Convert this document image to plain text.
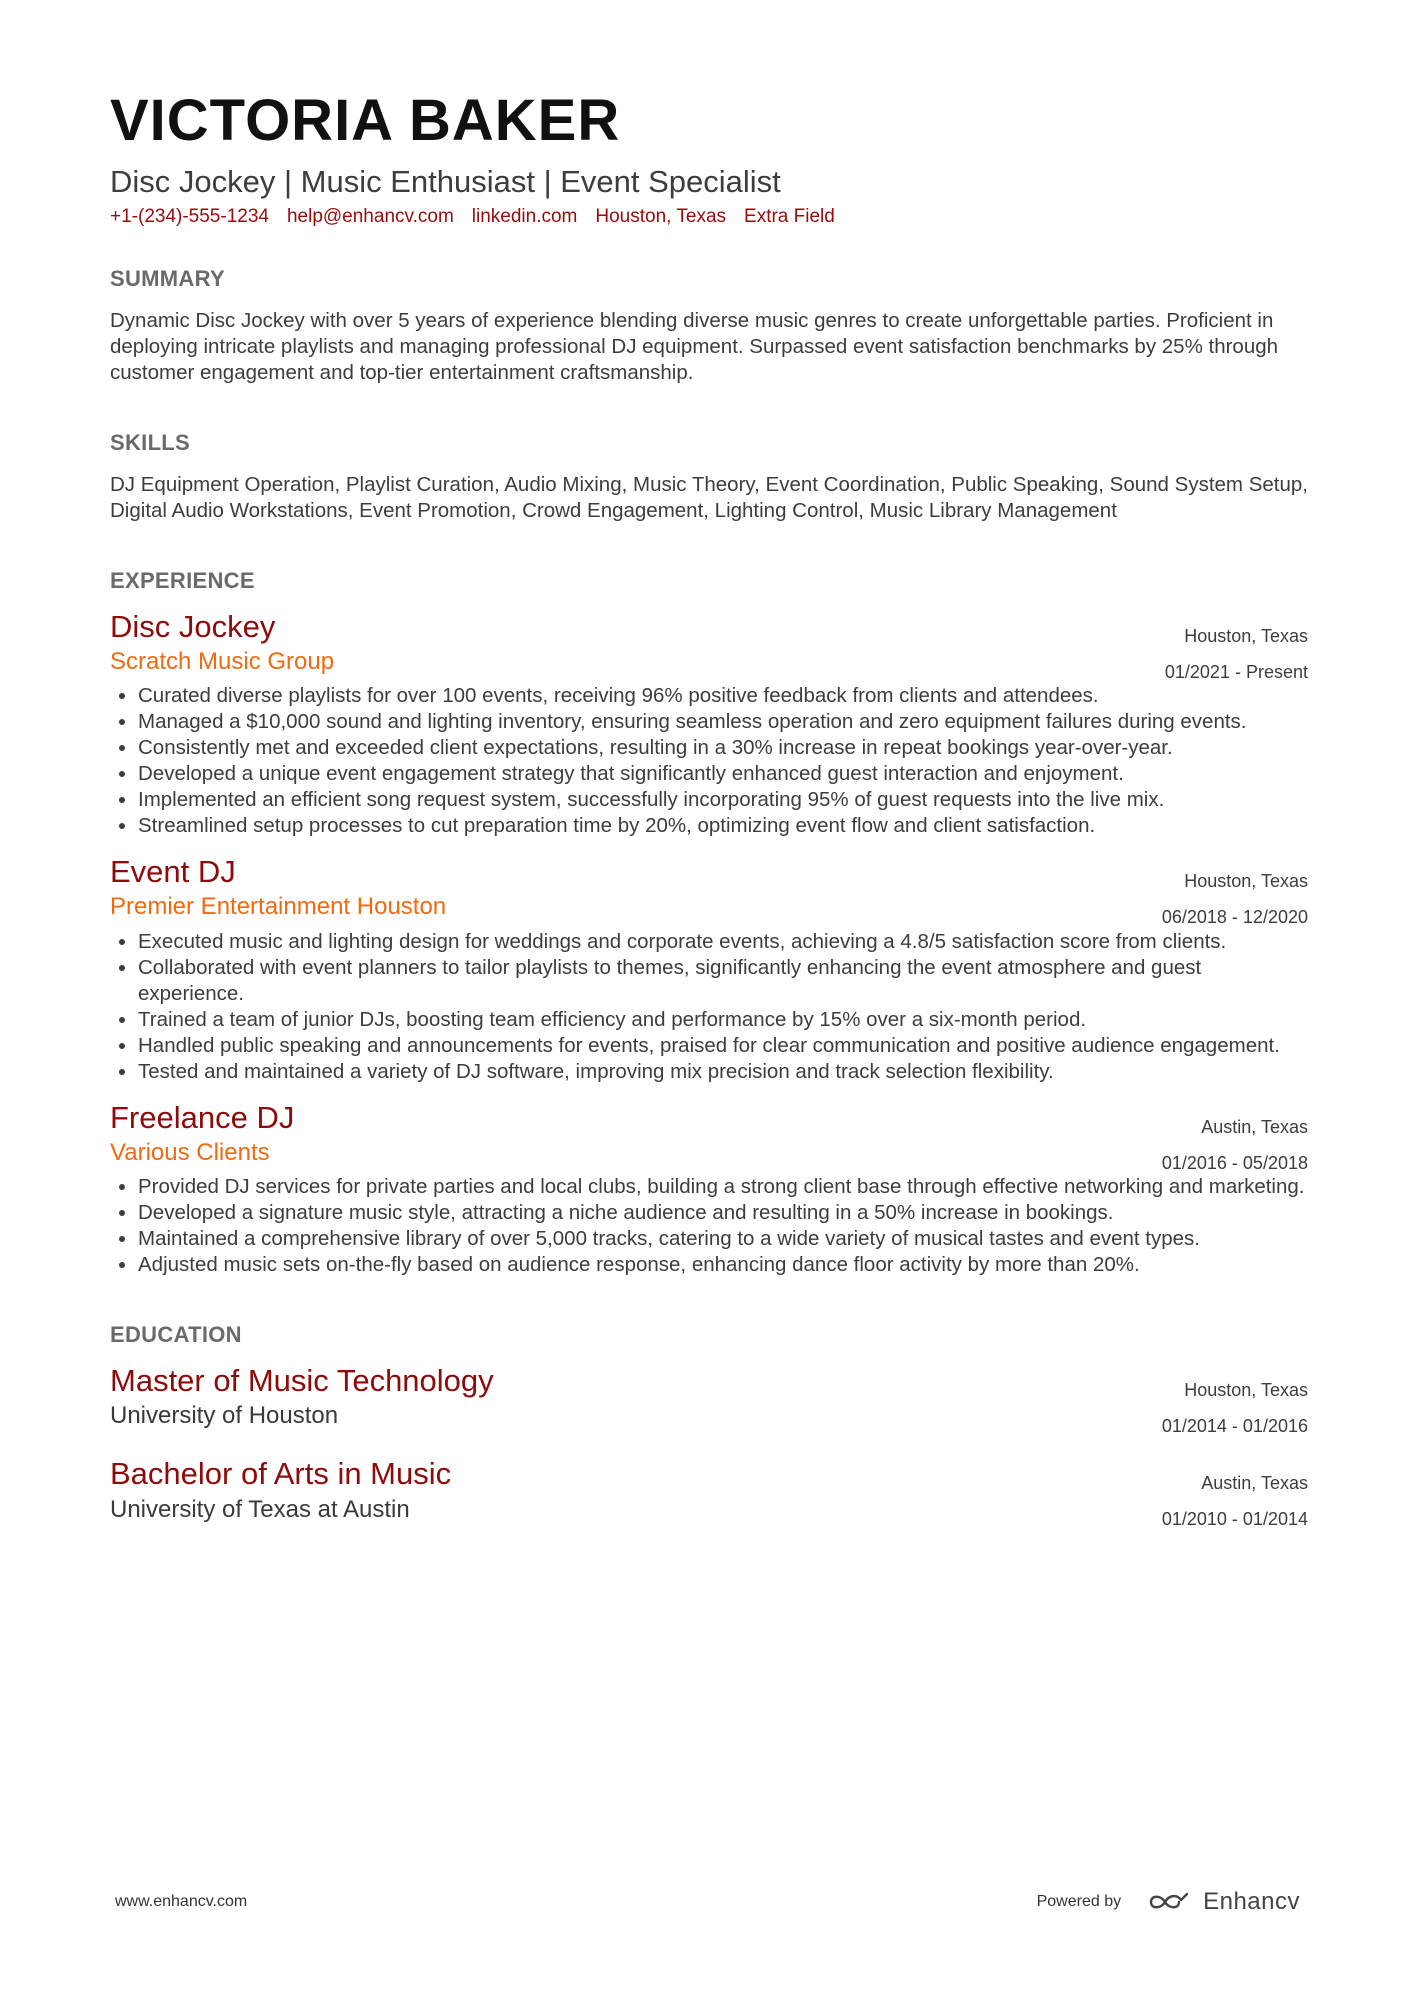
VICTORIA BAKER
Disc Jockey | Music Enthusiast | Event Specialist
+1-(234)-555-1234 help@enhancv.com linkedin.com Houston, Texas Extra Field
SUMMARY
Dynamic Disc Jockey with over 5 years of experience blending diverse music genres to create unforgettable parties. Proficient in deploying intricate playlists and managing professional DJ equipment. Surpassed event satisfaction benchmarks by 25% through customer engagement and top-tier entertainment craftsmanship.
SKILLS
DJ Equipment Operation, Playlist Curation, Audio Mixing, Music Theory, Event Coordination, Public Speaking, Sound System Setup, Digital Audio Workstations, Event Promotion, Crowd Engagement, Lighting Control, Music Library Management
EXPERIENCE
Disc Jockey
Scratch Music Group
Houston, Texas
01/2021 - Present
• Curated diverse playlists for over 100 events, receiving 96% positive feedback from clients and attendees.
• Managed a $10,000 sound and lighting inventory, ensuring seamless operation and zero equipment failures during events.
• Consistently met and exceeded client expectations, resulting in a 30% increase in repeat bookings year-over-year.
• Developed a unique event engagement strategy that significantly enhanced guest interaction and enjoyment.
• Implemented an efficient song request system, successfully incorporating 95% of guest requests into the live mix.
• Streamlined setup processes to cut preparation time by 20%, optimizing event flow and client satisfaction.
Event DJ
Premier Entertainment Houston
Houston, Texas
06/2018 - 12/2020
• Executed music and lighting design for weddings and corporate events, achieving a 4.8/5 satisfaction score from clients.
• Collaborated with event planners to tailor playlists to themes, significantly enhancing the event atmosphere and guest experience.
• Trained a team of junior DJs, boosting team efficiency and performance by 15% over a six-month period.
• Handled public speaking and announcements for events, praised for clear communication and positive audience engagement.
• Tested and maintained a variety of DJ software, improving mix precision and track selection flexibility.
Freelance DJ
Various Clients
Austin, Texas
01/2016 - 05/2018
• Provided DJ services for private parties and local clubs, building a strong client base through effective networking and marketing.
• Developed a signature music style, attracting a niche audience and resulting in a 50% increase in bookings.
• Maintained a comprehensive library of over 5,000 tracks, catering to a wide variety of musical tastes and event types.
• Adjusted music sets on-the-fly based on audience response, enhancing dance floor activity by more than 20%.
EDUCATION
Master of Music Technology
University of Houston
Houston, Texas
01/2014 - 01/2016
Bachelor of Arts in Music
University of Texas at Austin
Austin, Texas
01/2010 - 01/2014
www.enhancv.com	Powered by	Enhancv
